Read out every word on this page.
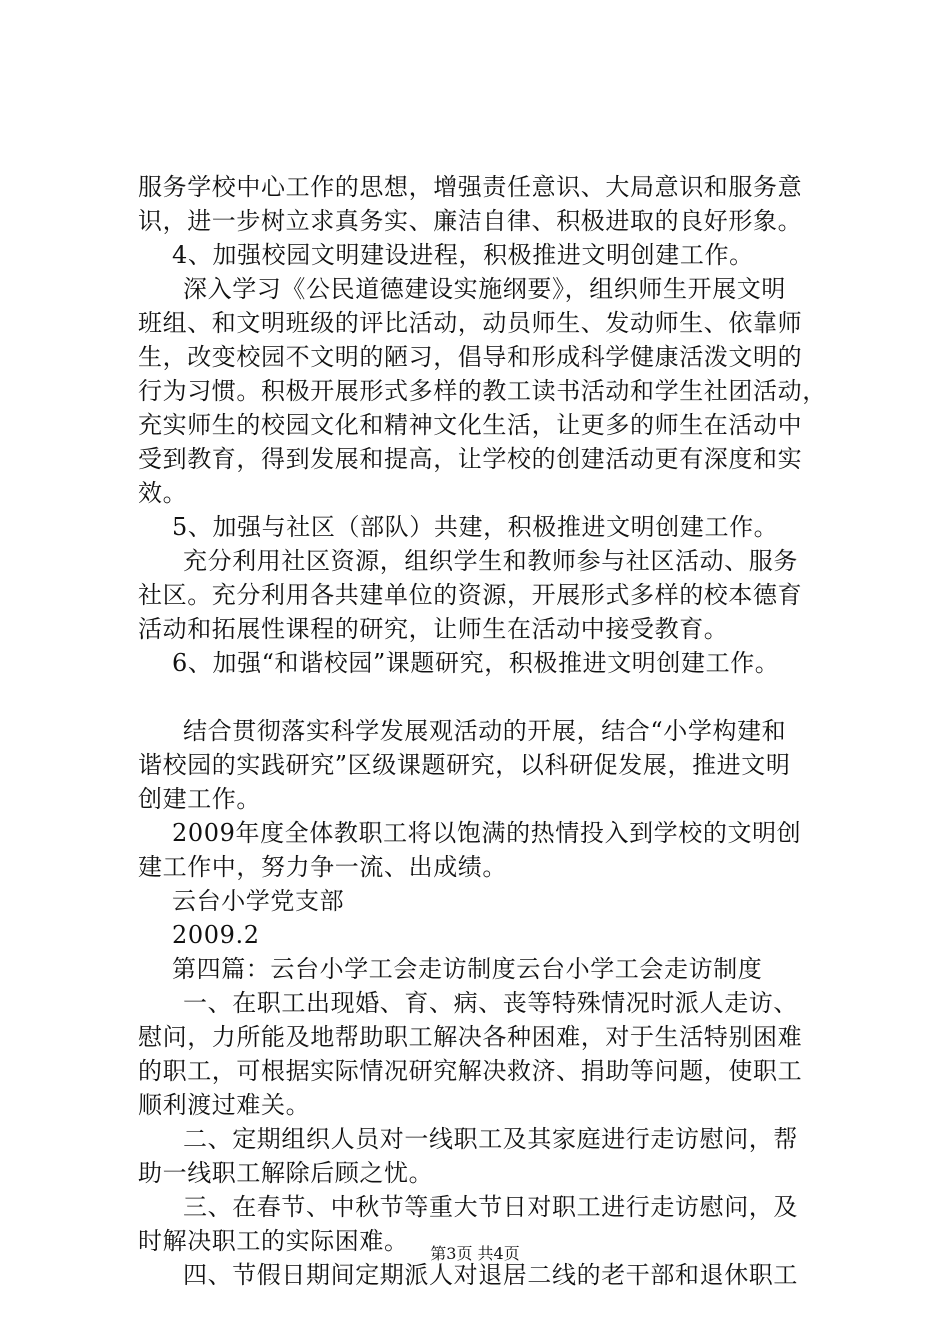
服务学校中心工作的思想，增强责任意识、大局意识和服务意
识，进一步树立求真务实、廉洁自律、积极进取的良好形象。
4、加强校园文明建设进程，积极推进文明创建工作。
深入学习《公民道德建设实施纲要》，组织师生开展文明
班组、和文明班级的评比活动，动员师生、发动师生、依靠师
生，改变校园不文明的陋习，倡导和形成科学健康活泼文明的
行为习惯。积极开展形式多样的教工读书活动和学生社团活动，
充实师生的校园文化和精神文化生活，让更多的师生在活动中
受到教育，得到发展和提高，让学校的创建活动更有深度和实
效。
5、加强与社区（部队）共建，积极推进文明创建工作。
充分利用社区资源，组织学生和教师参与社区活动、服务
社区。充分利用各共建单位的资源，开展形式多样的校本德育
活动和拓展性课程的研究，让师生在活动中接受教育。
6、加强“和谐校园”课题研究，积极推进文明创建工作。
结合贯彻落实科学发展观活动的开展，结合“小学构建和
谐校园的实践研究”区级课题研究，以科研促发展，推进文明
创建工作。
2009年度全体教职工将以饱满的热情投入到学校的文明创
建工作中，努力争一流、出成绩。
云台小学党支部
2009.2
第四篇：云台小学工会走访制度云台小学工会走访制度
一、在职工出现婚、育、病、丧等特殊情况时派人走访、
慰问，力所能及地帮助职工解决各种困难，对于生活特别困难
的职工，可根据实际情况研究解决救济、捐助等问题，使职工
顺利渡过难关。
二、定期组织人员对一线职工及其家庭进行走访慰问，帮
助一线职工解除后顾之忧。
三、在春节、中秋节等重大节日对职工进行走访慰问，及
时解决职工的实际困难。
四、节假日期间定期派人对退居二线的老干部和退休职工
第3页 共4页
